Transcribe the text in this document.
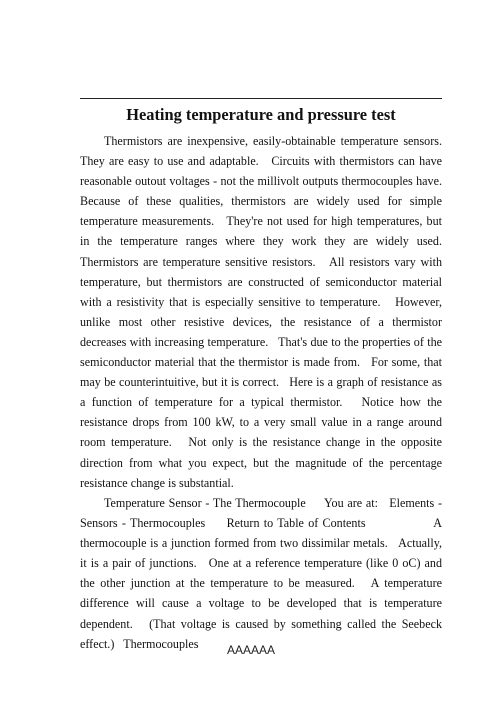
Heating temperature and pressure test

Thermistors are inexpensive, easily-obtainable temperature sensors. They are easy to use and adaptable.   Circuits with thermistors can have reasonable outout voltages - not the millivolt outputs thermocouples have. Because of these qualities, thermistors are widely used for simple temperature measurements.   They're not used for high temperatures, but in the temperature ranges where they work they are widely used. Thermistors are temperature sensitive resistors.   All resistors vary with temperature, but thermistors are constructed of semiconductor material with a resistivity that is especially sensitive to temperature.   However, unlike most other resistive devices, the resistance of a thermistor decreases with increasing temperature.   That's due to the properties of the semiconductor material that the thermistor is made from.   For some, that may be counterintuitive, but it is correct.   Here is a graph of resistance as a function of temperature for a typical thermistor.   Notice how the resistance drops from 100 kW, to a very small value in a range around room temperature.   Not only is the resistance change in the opposite direction from what you expect, but the magnitude of the percentage resistance change is substantial.

Temperature Sensor - The Thermocouple     You are at:   Elements - Sensors - Thermocouples     Return to Table of Contents                A thermocouple is a junction formed from two dissimilar metals.   Actually, it is a pair of junctions.   One at a reference temperature (like 0 oC) and the other junction at the temperature to be measured.   A temperature difference will cause a voltage to be developed that is temperature dependent.   (That voltage is caused by something called the Seebeck effect.)   Thermocouples	AAAAAA
